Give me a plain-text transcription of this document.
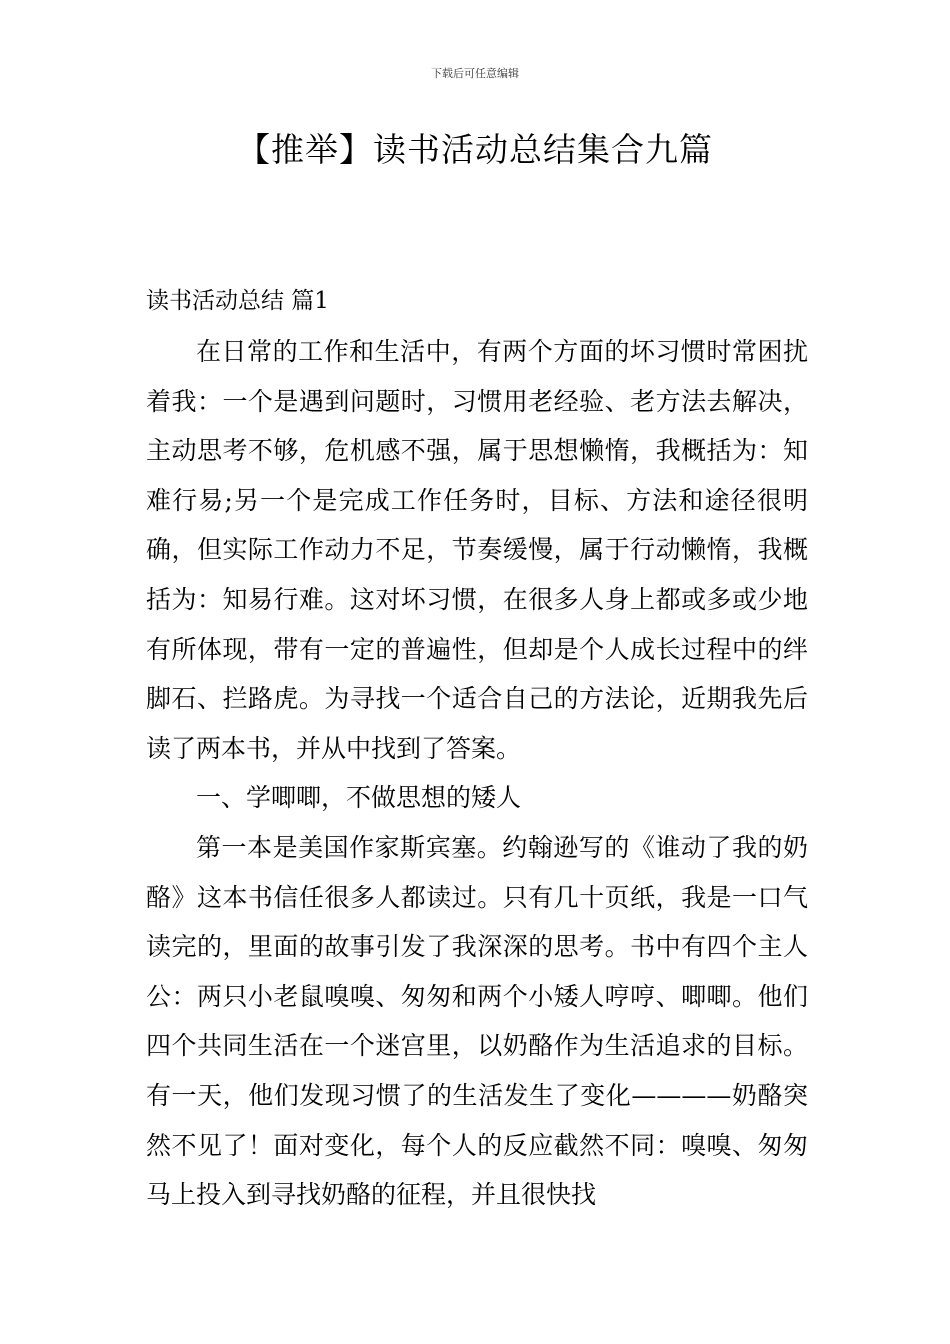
下载后可任意编辑
【推举】读书活动总结集合九篇
读书活动总结 篇1

在日常的工作和生活中，有两个方面的坏习惯时常困扰着我：一个是遇到问题时，习惯用老经验、老方法去解决，主动思考不够，危机感不强，属于思想懒惰，我概括为：知难行易;另一个是完成工作任务时，目标、方法和途径很明确，但实际工作动力不足，节奏缓慢，属于行动懒惰，我概括为：知易行难。这对坏习惯，在很多人身上都或多或少地有所体现，带有一定的普遍性，但却是个人成长过程中的绊脚石、拦路虎。为寻找一个适合自己的方法论，近期我先后读了两本书，并从中找到了答案。

一、学唧唧，不做思想的矮人

第一本是美国作家斯宾塞。约翰逊写的《谁动了我的奶酪》这本书信任很多人都读过。只有几十页纸，我是一口气读完的，里面的故事引发了我深深的思考。书中有四个主人公：两只小老鼠嗅嗅、匆匆和两个小矮人哼哼、唧唧。他们四个共同生活在一个迷宫里，以奶酪作为生活追求的目标。有一天，他们发现习惯了的生活发生了变化————奶酪突然不见了！面对变化，每个人的反应截然不同：嗅嗅、匆匆马上投入到寻找奶酪的征程，并且很快找
